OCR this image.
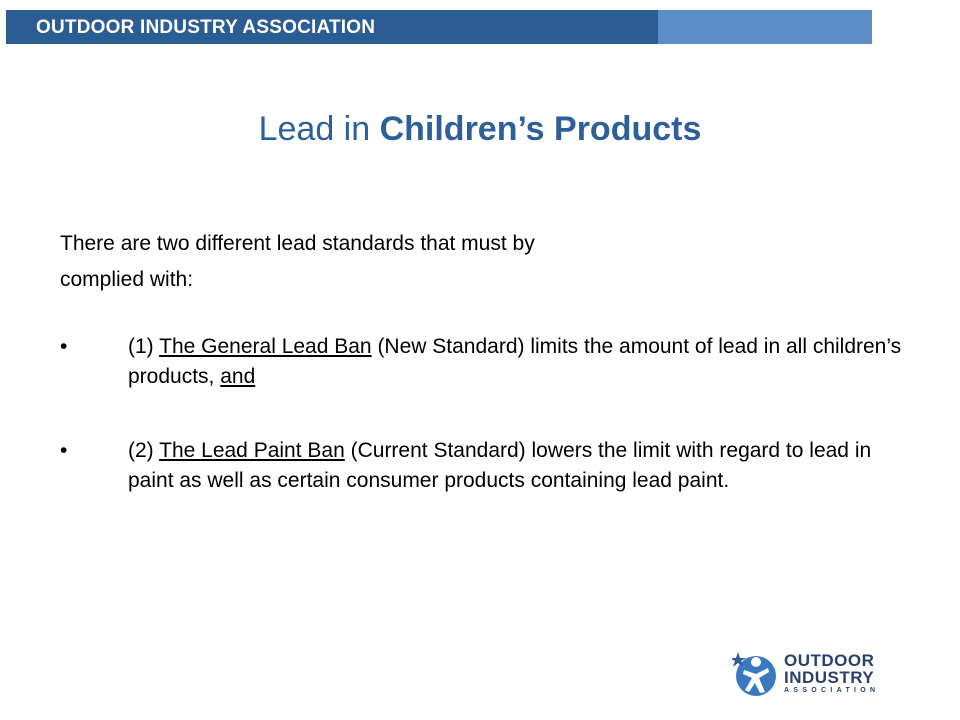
OUTDOOR INDUSTRY ASSOCIATION
Lead in Children’s Products
There are two different lead standards that must by
complied with:
•	(1) The General Lead Ban (New Standard) limits the amount of lead in all children’s products, and
•	(2) The Lead Paint Ban (Current Standard) lowers the limit with regard to lead in paint as well as certain consumer products containing lead paint.
OUTDOOR
INDUSTRY
ASSOCIATION
